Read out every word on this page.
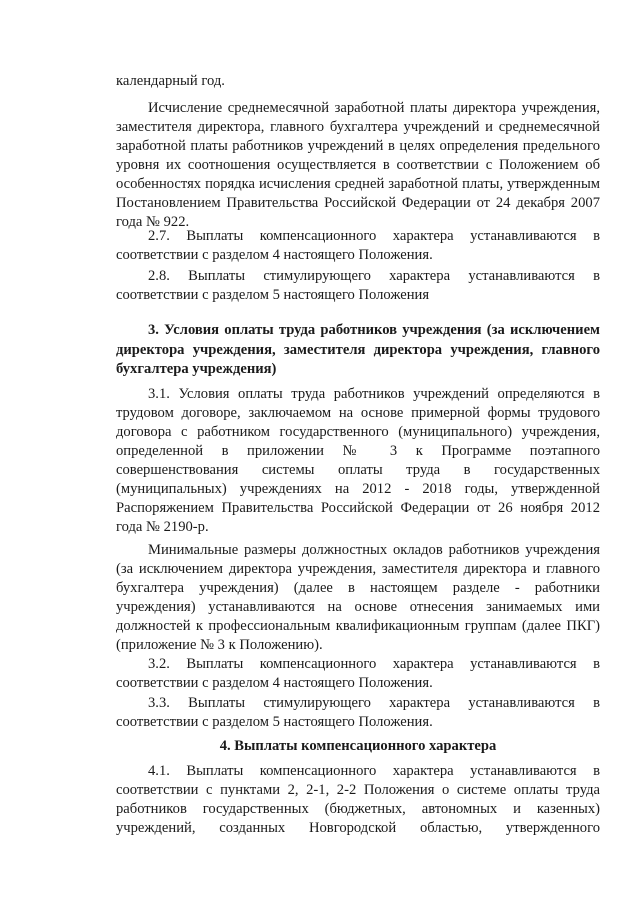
календарный год.
Исчисление среднемесячной заработной платы директора учреждения,
заместителя директора, главного бухгалтера учреждений и среднемесячной
заработной платы работников учреждений в целях определения предельного
уровня их соотношения осуществляется в соответствии с Положением об
особенностях порядка исчисления средней заработной платы, утвержденным
Постановлением Правительства Российской Федерации от 24 декабря 2007
года № 922.
2.7. Выплаты компенсационного характера устанавливаются в
соответствии с разделом 4 настоящего Положения.
2.8. Выплаты стимулирующего характера устанавливаются в
соответствии с разделом 5 настоящего Положения
3. Условия оплаты труда работников учреждения (за исключением
директора учреждения, заместителя директора учреждения, главного
бухгалтера учреждения)
3.1. Условия оплаты труда работников учреждений определяются в
трудовом договоре, заключаемом на основе примерной формы трудового
договора с работником государственного (муниципального) учреждения,
определенной в приложении № 3 к Программе поэтапного
совершенствования системы оплаты труда в государственных
(муниципальных) учреждениях на 2012 - 2018 годы, утвержденной
Распоряжением Правительства Российской Федерации от 26 ноября 2012
года № 2190-р.
Минимальные размеры должностных окладов работников учреждения
(за исключением директора учреждения, заместителя директора и главного
бухгалтера учреждения) (далее в настоящем разделе - работники
учреждения) устанавливаются на основе отнесения занимаемых ими
должностей к профессиональным квалификационным группам (далее ПКГ)
(приложение № 3 к Положению).
3.2. Выплаты компенсационного характера устанавливаются в
соответствии с разделом 4 настоящего Положения.
3.3. Выплаты стимулирующего характера устанавливаются в
соответствии с разделом 5 настоящего Положения.
4. Выплаты компенсационного характера
4.1. Выплаты компенсационного характера устанавливаются в
соответствии с пунктами 2, 2-1, 2-2 Положения о системе оплаты труда
работников государственных (бюджетных, автономных и казенных)
учреждений, созданных Новгородской областью, утвержденного
